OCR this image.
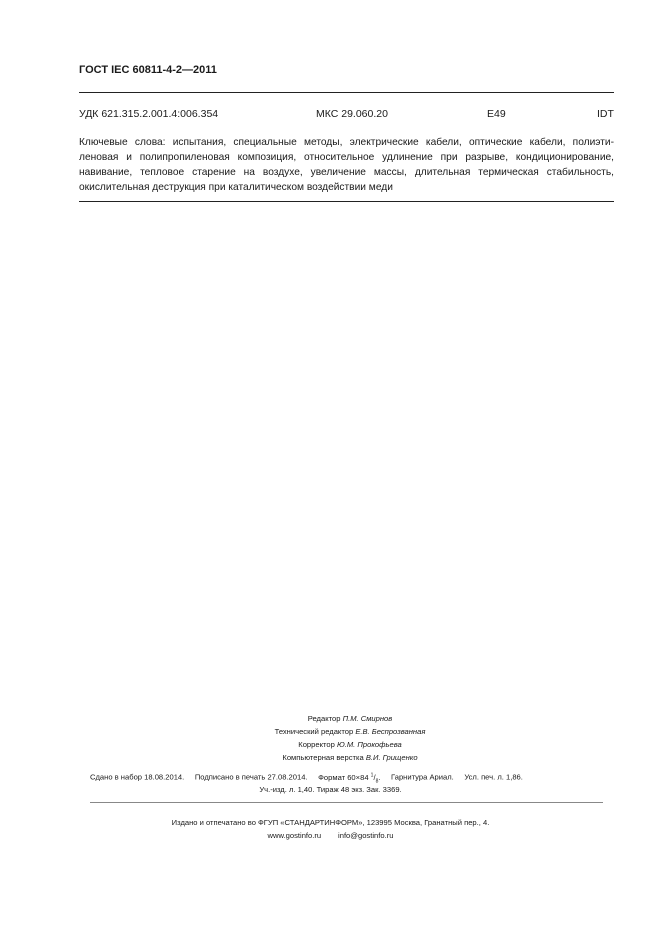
ГОСТ IEC 60811-4-2—2011
УДК 621.315.2.001.4:006.354	МКС 29.060.20	E49	IDT
Ключевые слова: испытания, специальные методы, электрические кабели, оптические кабели, полиэти-
леновая и полипропиленовая композиция, относительное удлинение при разрыве, кондиционирование,
навивание, тепловое старение на воздухе, увеличение массы, длительная термическая стабильность,
окислительная деструкция при каталитическом воздействии меди
Редактор П.М. Смирнов
Технический редактор Е.В. Беспрозванная
Корректор Ю.М. Прокофьева
Компьютерная верстка В.И. Грищенко
Сдано в набор 18.08.2014. Подписано в печать 27.08.2014. Формат 60×84 $^1/_8$. Гарнитура Ариал. Усл. печ. л. 1,86.
Уч.-изд. л. 1,40. Тираж 48 экз. Зак. 3369.
Издано и отпечатано во ФГУП «СТАНДАРТИНФОРМ», 123995 Москва, Гранатный пер., 4.
www.gostinfo.ru info@gostinfo.ru
